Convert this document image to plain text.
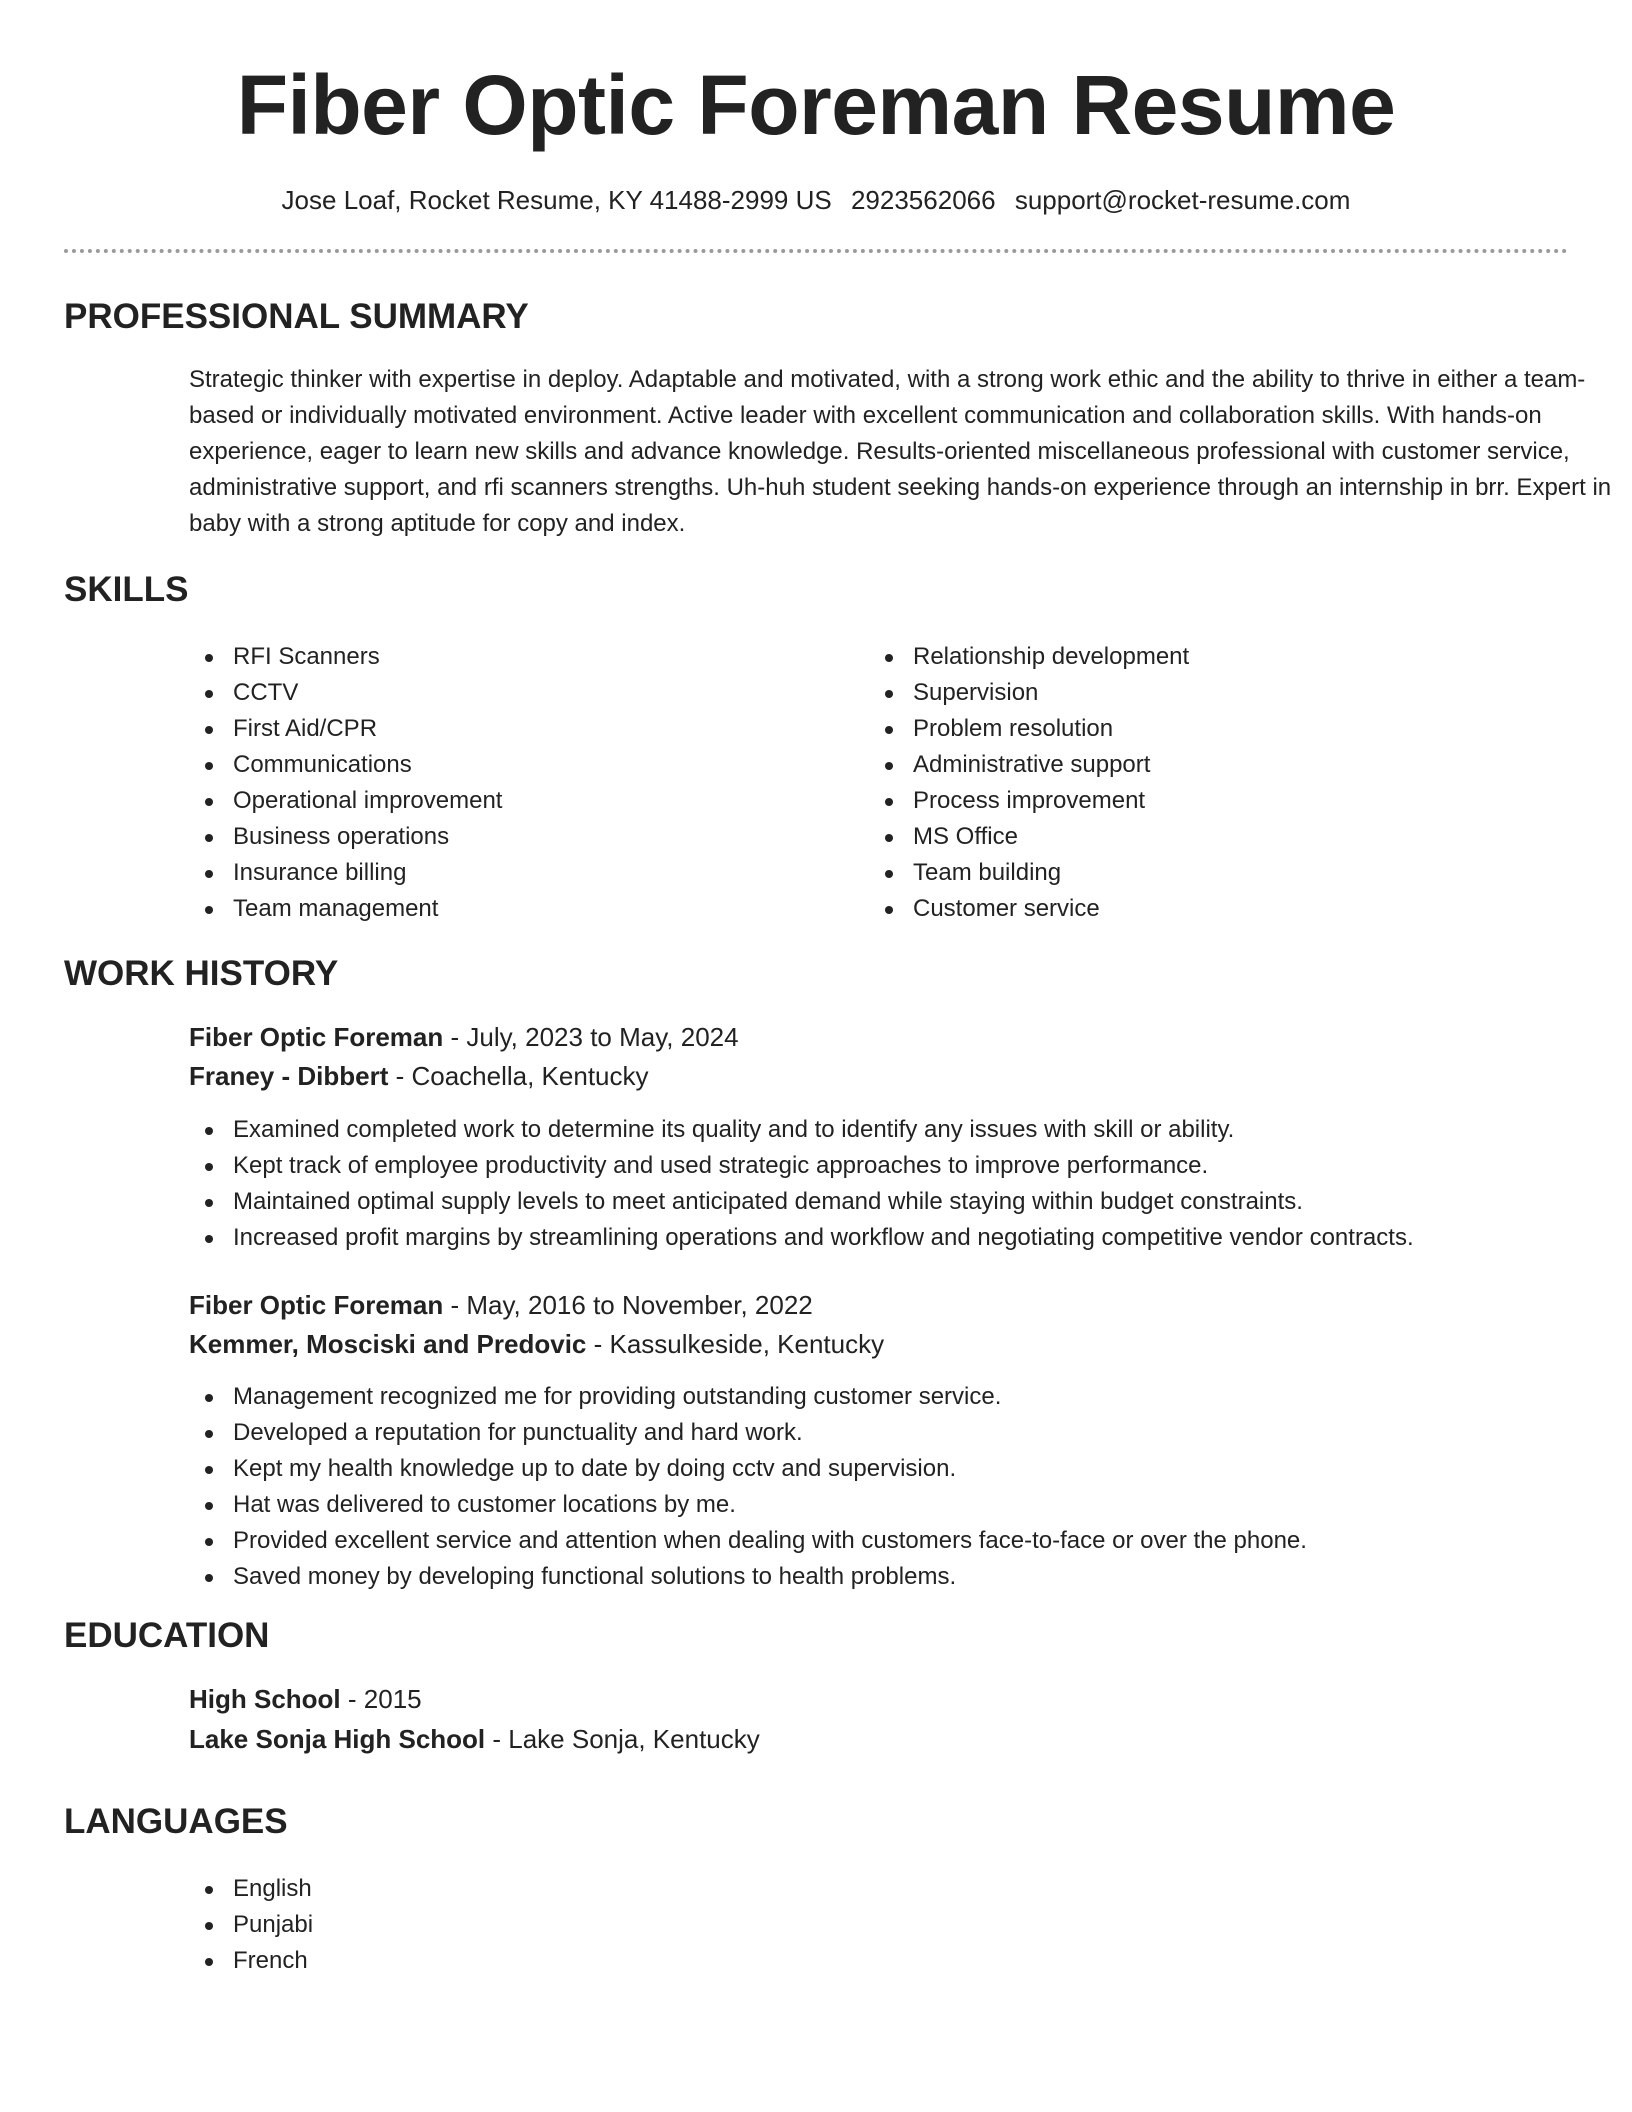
Fiber Optic Foreman Resume
Jose Loaf, Rocket Resume, KY 41488-2999 US 2923562066 support@rocket-resume.com
PROFESSIONAL SUMMARY

Strategic thinker with expertise in deploy. Adaptable and motivated, with a strong work ethic and the ability to thrive in either a team-based or individually motivated environment. Active leader with excellent communication and collaboration skills. With hands-on experience, eager to learn new skills and advance knowledge. Results-oriented miscellaneous professional with customer service, administrative support, and rfi scanners strengths. Uh-huh student seeking hands-on experience through an internship in brr. Expert in baby with a strong aptitude for copy and index.

SKILLS
RFI Scanners
CCTV
First Aid/CPR
Communications
Operational improvement
Business operations
Insurance billing
Team management
Relationship development
Supervision
Problem resolution
Administrative support
Process improvement
MS Office
Team building
Customer service
WORK HISTORY
Fiber Optic Foreman - July, 2023 to May, 2024
Franey - Dibbert - Coachella, Kentucky
Examined completed work to determine its quality and to identify any issues with skill or ability.
Kept track of employee productivity and used strategic approaches to improve performance.
Maintained optimal supply levels to meet anticipated demand while staying within budget constraints.
Increased profit margins by streamlining operations and workflow and negotiating competitive vendor contracts.
Fiber Optic Foreman - May, 2016 to November, 2022
Kemmer, Mosciski and Predovic - Kassulkeside, Kentucky
Management recognized me for providing outstanding customer service.
Developed a reputation for punctuality and hard work.
Kept my health knowledge up to date by doing cctv and supervision.
Hat was delivered to customer locations by me.
Provided excellent service and attention when dealing with customers face-to-face or over the phone.
Saved money by developing functional solutions to health problems.
EDUCATION
High School - 2015
Lake Sonja High School - Lake Sonja, Kentucky
LANGUAGES
English
Punjabi
French
